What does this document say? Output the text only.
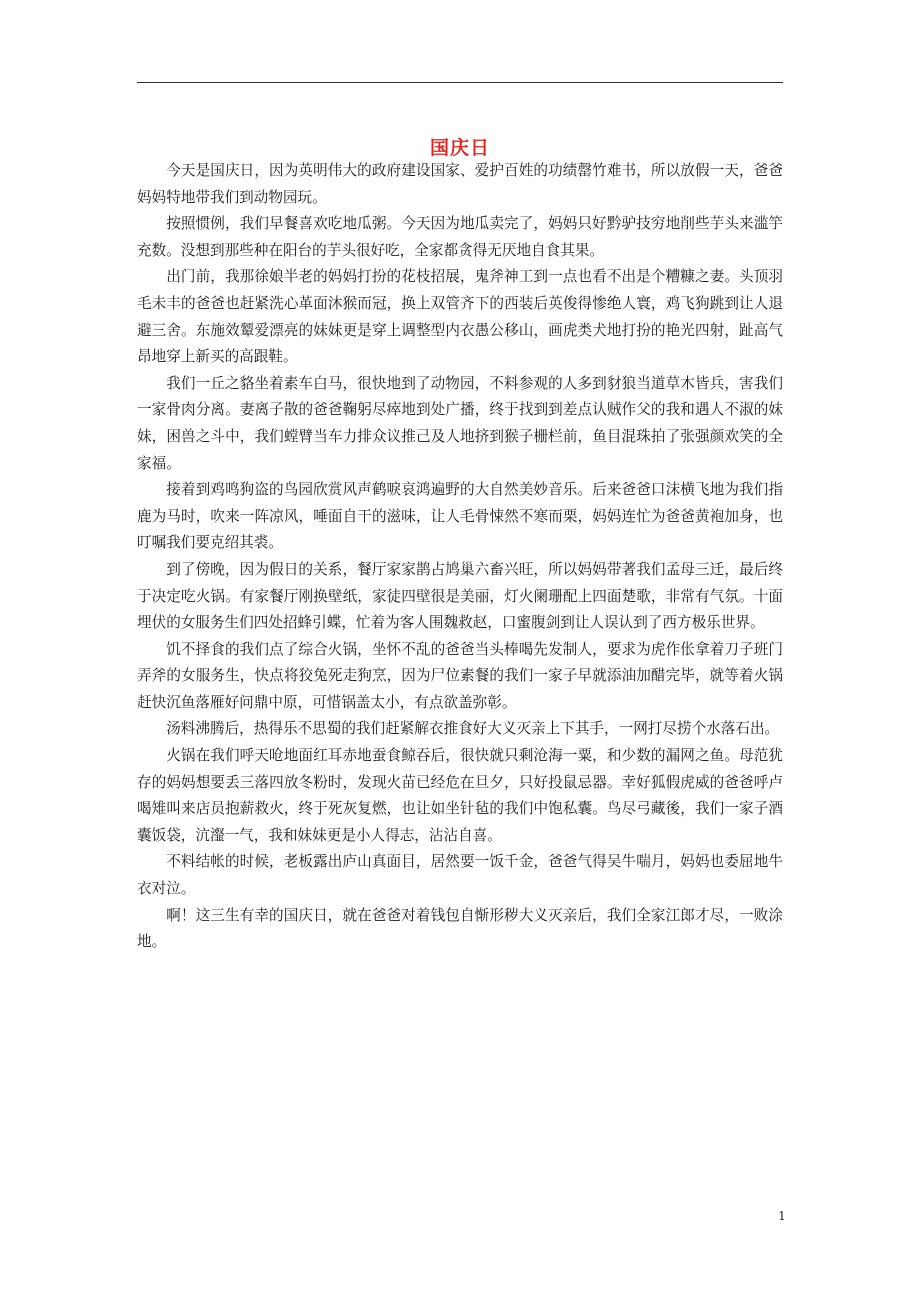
国庆日

今天是国庆日，因为英明伟大的政府建设国家、爱护百姓的功绩罄竹难书，所以放假一天，爸爸妈妈特地带我们到动物园玩。

按照惯例，我们早餐喜欢吃地瓜粥。今天因为地瓜卖完了，妈妈只好黔驴技穷地削些芋头来滥竽充数。没想到那些种在阳台的芋头很好吃，全家都贪得无厌地自食其果。

出门前，我那徐娘半老的妈妈打扮的花枝招展，鬼斧神工到一点也看不出是个糟糠之妻。头顶羽毛未丰的爸爸也赶紧洗心革面沐猴而冠，换上双管齐下的西装后英俊得惨绝人寰，鸡飞狗跳到让人退避三舍。东施效颦爱漂亮的妹妹更是穿上调整型内衣愚公移山，画虎类犬地打扮的艳光四射，趾高气昂地穿上新买的高跟鞋。

我们一丘之貉坐着素车白马，很快地到了动物园，不料参观的人多到豺狼当道草木皆兵，害我们一家骨肉分离。妻离子散的爸爸鞠躬尽瘁地到处广播，终于找到到差点认贼作父的我和遇人不淑的妹妹，困兽之斗中，我们螳臂当车力排众议推己及人地挤到猴子栅栏前，鱼目混珠拍了张强颜欢笑的全家福。

接着到鸡鸣狗盗的鸟园欣赏风声鹤唳哀鸿遍野的大自然美妙音乐。后来爸爸口沫横飞地为我们指鹿为马时，吹来一阵凉风，唾面自干的滋味，让人毛骨悚然不寒而栗，妈妈连忙为爸爸黄袍加身，也叮嘱我们要克绍其裘。

到了傍晚，因为假日的关系，餐厅家家鹊占鸠巢六畜兴旺，所以妈妈带著我们孟母三迁，最后终于决定吃火锅。有家餐厅刚换壁纸，家徒四壁很是美丽，灯火阑珊配上四面楚歌，非常有气氛。十面埋伏的女服务生们四处招蜂引蝶，忙着为客人围魏救赵，口蜜腹剑到让人误认到了西方极乐世界。

饥不择食的我们点了综合火锅，坐怀不乱的爸爸当头棒喝先发制人，要求为虎作伥拿着刀子班门弄斧的女服务生，快点将狡兔死走狗烹，因为尸位素餐的我们一家子早就添油加醋完毕，就等着火锅赶快沉鱼落雁好问鼎中原，可惜锅盖太小，有点欲盖弥彰。

汤料沸腾后，热得乐不思蜀的我们赶紧解衣推食好大义灭亲上下其手，一网打尽捞个水落石出。

火锅在我们呼天呛地面红耳赤地蚕食鲸吞后，很快就只剩沧海一粟，和少数的漏网之鱼。母范犹存的妈妈想要丢三落四放冬粉时，发现火苗已经危在旦夕，只好投鼠忌器。幸好狐假虎威的爸爸呼卢喝雉叫来店员抱薪救火，终于死灰复燃，也让如坐针毡的我们中饱私囊。鸟尽弓藏後，我们一家子酒囊饭袋，沆瀣一气，我和妹妹更是小人得志，沾沾自喜。

不料结帐的时候，老板露出庐山真面目，居然要一饭千金，爸爸气得吴牛喘月，妈妈也委屈地牛衣对泣。

啊！这三生有幸的国庆日，就在爸爸对着钱包自惭形秽大义灭亲后，我们全家江郎才尽，一败涂地。

1
